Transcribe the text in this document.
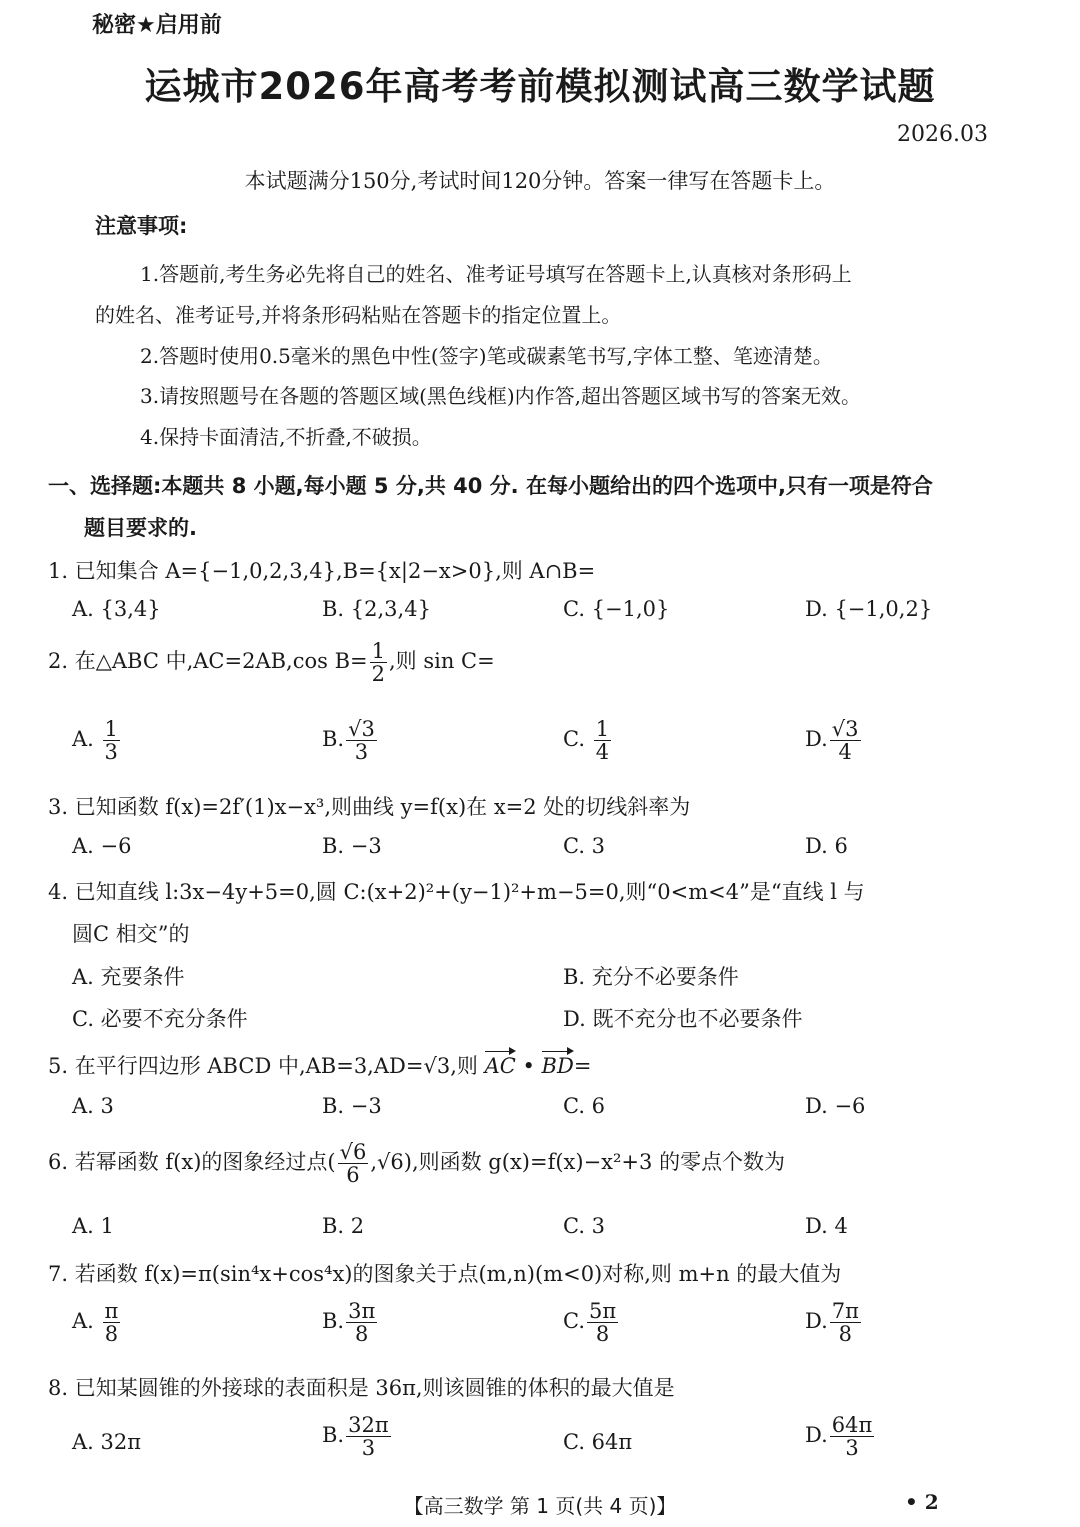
秘密★启用前
运城市2026年高考考前模拟测试高三数学试题
2026.03
本试题满分150分,考试时间120分钟。答案一律写在答题卡上。
注意事项:
1.答题前,考生务必先将自己的姓名、准考证号填写在答题卡上,认真核对条形码上
的姓名、准考证号,并将条形码粘贴在答题卡的指定位置上。
2.答题时使用0.5毫米的黑色中性(签字)笔或碳素笔书写,字体工整、笔迹清楚。
3.请按照题号在各题的答题区域(黑色线框)内作答,超出答题区域书写的答案无效。
4.保持卡面清洁,不折叠,不破损。
一、选择题:本题共 8 小题,每小题 5 分,共 40 分. 在每小题给出的四个选项中,只有一项是符合
题目要求的.
1. 已知集合 A={−1,0,2,3,4},B={x|2−x>0},则 A∩B=
A. {3,4}	B. {2,3,4}	C. {−1,0}	D. {−1,0,2}
2. 在△ABC 中,AC=2AB,cos $B= \frac{1}{2}$ ,则 sin C=
A. $\frac{1}{3}$	B. $\frac{√3}{3}$	C. $\frac{1}{4}$	D. $\frac{√3}{4}$
3. 已知函数 f(x)=2f′(1)x−x³,则曲线 y=f(x)在 x=2 处的切线斜率为
A. −6	B. −3	C. 3	D. 6
4. 已知直线 l:3x−4y+5=0,圆 C:(x+2)²+(y−1)²+m−5=0,则“0<m<4”是“直线 l 与
圆C 相交”的
A. 充要条件	B. 充分不必要条件
C. 必要不充分条件	D. 既不充分也不必要条件
5. 在平行四边形 ABCD 中,AB=3,AD=√3,则 AC • BD=
A. 3	B. −3	C. 6	D. −6
6. 若幂函数 f(x)的图象经过点( $\frac{√6}{6} ,√6$),则函数 g(x)=f(x)−x²+3 的零点个数为
A. 1	B. 2	C. 3	D. 4
7. 若函数 f(x)=π(sin⁴x+cos⁴x)的图象关于点(m,n)(m<0)对称,则 m+n 的最大值为
A. $\frac{\pi}{8}$	B. $\frac{3\pi}{8}$	C. $\frac{5\pi}{8}$	D. $\frac{7\pi}{8}$
8. 已知某圆锥的外接球的表面积是 36π,则该圆锥的体积的最大值是
A. 32π	B. $\frac{32\pi}{3}$	C. 64π	D. $\frac{64\pi}{3}$
【高三数学 第 1 页(共 4 页)】	• 2
